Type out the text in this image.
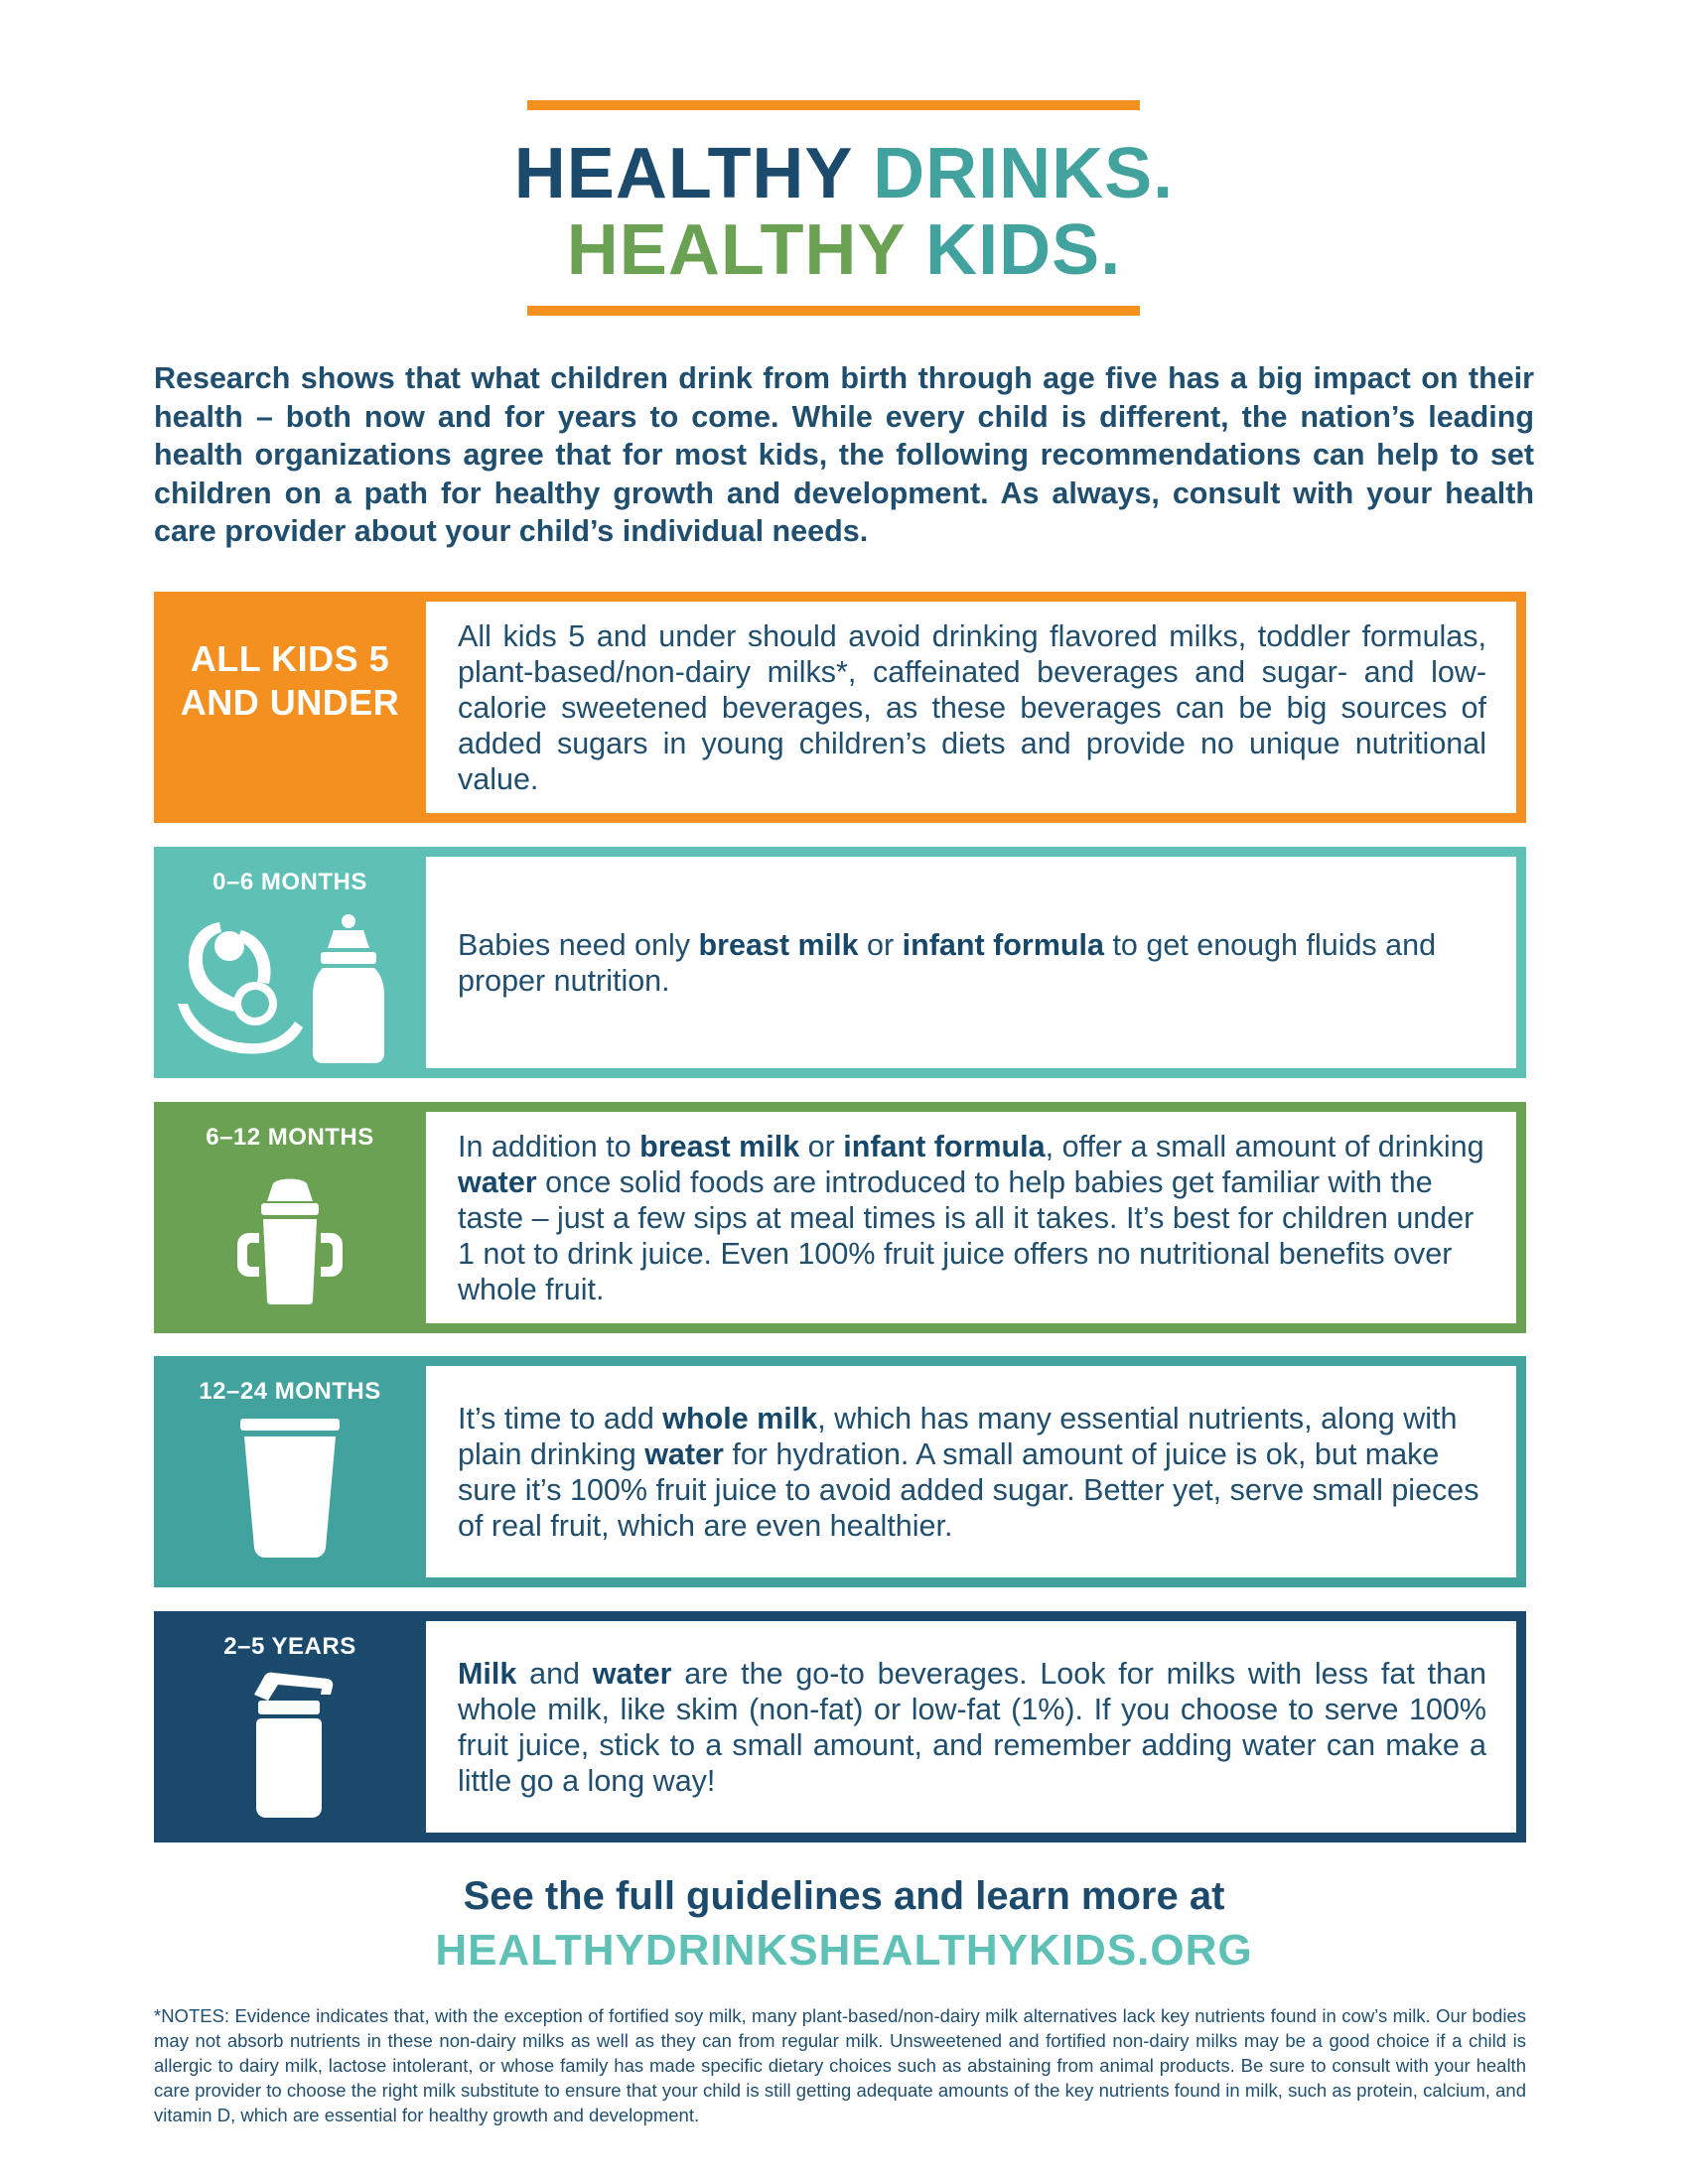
HEALTHY DRINKS.
HEALTHY KIDS.

Research shows that what children drink from birth through age five has a big impact on their health – both now and for years to come. While every child is different, the nation’s leading health organizations agree that for most kids, the following recommendations can help to set children on a path for healthy growth and development. As always, consult with your health care provider about your child’s individual needs.

ALL KIDS 5 AND UNDER

All kids 5 and under should avoid drinking flavored milks, toddler formulas, plant-based/non-dairy milks*, caffeinated beverages and sugar- and low-calorie sweetened beverages, as these beverages can be big sources of added sugars in young children’s diets and provide no unique nutritional value.

0–6 MONTHS

Babies need only breast milk or infant formula to get enough fluids and proper nutrition.

6–12 MONTHS	In addition to breast milk or infant formula, offer a small amount of drinking water once solid foods are introduced to help babies get familiar with the taste – just a few sips at meal times is all it takes. It’s best for children under 1 not to drink juice. Even 100% fruit juice offers no nutritional benefits over whole fruit.

12–24 MONTHS

It’s time to add whole milk, which has many essential nutrients, along with plain drinking water for hydration. A small amount of juice is ok, but make sure it’s 100% fruit juice to avoid added sugar. Better yet, serve small pieces of real fruit, which are even healthier.

2–5 YEARS

Milk and water are the go-to beverages. Look for milks with less fat than whole milk, like skim (non-fat) or low-fat (1%). If you choose to serve 100% fruit juice, stick to a small amount, and remember adding water can make a little go a long way!

See the full guidelines and learn more at

HEALTHYDRINKSHEALTHYKIDS.ORG

*NOTES: Evidence indicates that, with the exception of fortified soy milk, many plant-based/non-dairy milk alternatives lack key nutrients found in cow’s milk. Our bodies may not absorb nutrients in these non-dairy milks as well as they can from regular milk. Unsweetened and fortified non-dairy milks may be a good choice if a child is allergic to dairy milk, lactose intolerant, or whose family has made specific dietary choices such as abstaining from animal products. Be sure to consult with your health care provider to choose the right milk substitute to ensure that your child is still getting adequate amounts of the key nutrients found in milk, such as protein, calcium, and vitamin D, which are essential for healthy growth and development.
